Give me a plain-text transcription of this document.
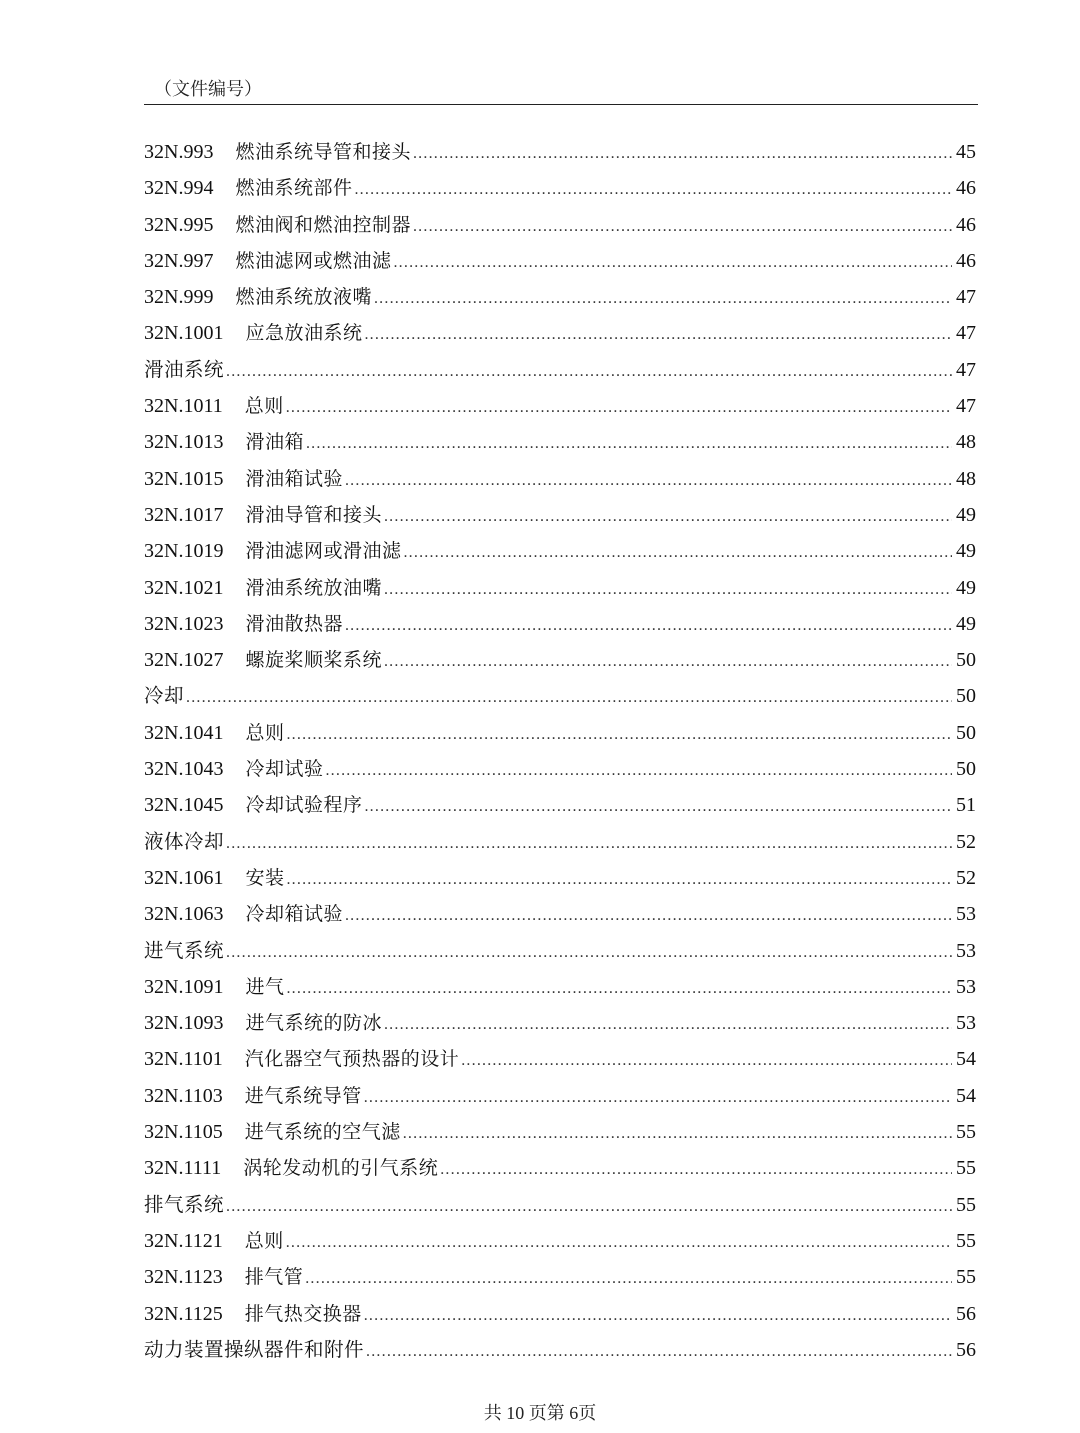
（文件编号）
32N.993	燃油系统导管和接头 .....	45
32N.994	燃油系统部件 .....	46
32N.995	燃油阀和燃油控制器 .....	46
32N.997	燃油滤网或燃油滤 .....	46
32N.999	燃油系统放液嘴 .....	47
32N.1001	应急放油系统 .....	47
滑油系统 .....	47
32N.1011	总则 .....	47
32N.1013	滑油箱 .....	48
32N.1015	滑油箱试验 .....	48
32N.1017	滑油导管和接头 .....	49
32N.1019	滑油滤网或滑油滤 .....	49
32N.1021	滑油系统放油嘴 .....	49
32N.1023	滑油散热器 .....	49
32N.1027	螺旋桨顺桨系统 .....	50
冷却 .....	50
32N.1041	总则 .....	50
32N.1043	冷却试验 .....	50
32N.1045	冷却试验程序 .....	51
液体冷却 .....	52
32N.1061	安装 .....	52
32N.1063	冷却箱试验 .....	53
进气系统 .....	53
32N.1091	进气 .....	53
32N.1093	进气系统的防冰 .....	53
32N.1101	汽化器空气预热器的设计 .....	54
32N.1103	进气系统导管 .....	54
32N.1105	进气系统的空气滤 .....	55
32N.1111	涡轮发动机的引气系统 .....	55
排气系统 .....	55
32N.1121	总则 .....	55
32N.1123	排气管 .....	55
32N.1125	排气热交换器 .....	56
动力装置操纵器件和附件 .....	56
共 10 页第 6页
